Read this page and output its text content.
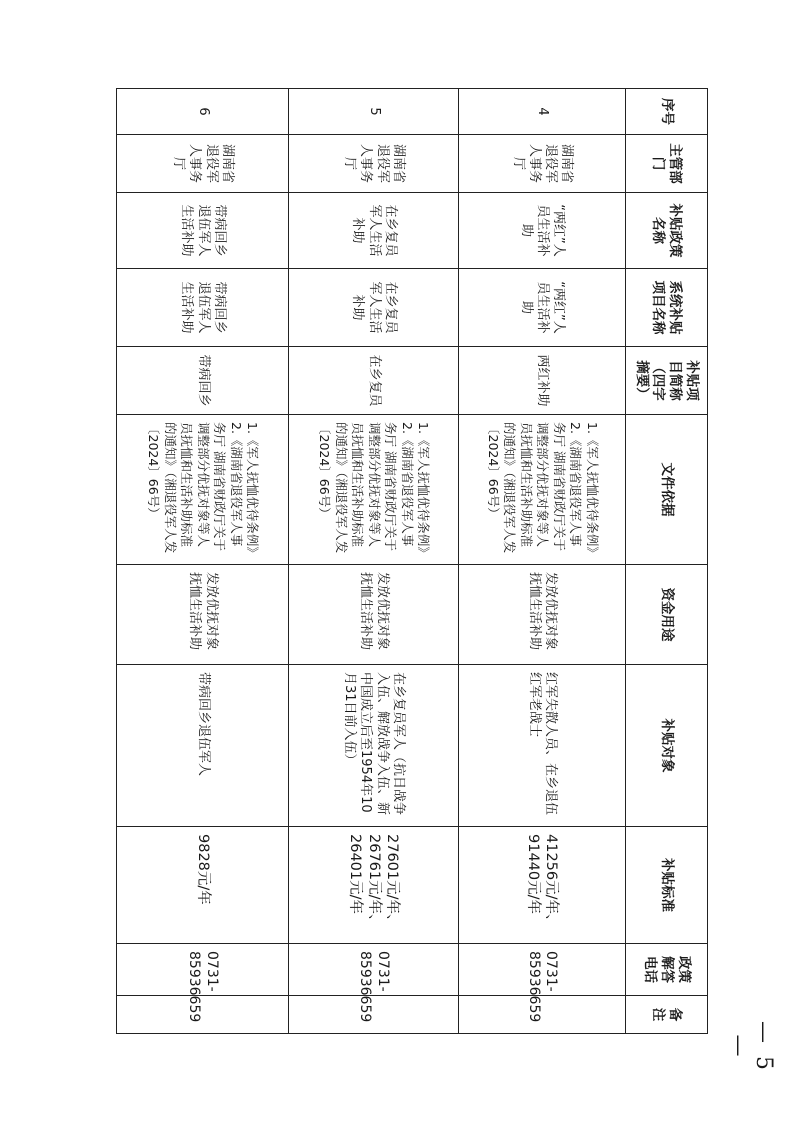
— 5 —
序号	主管部门	补贴政策名称	系统补贴项目名称	补贴项目简称（四字摘要）	文件依据	资金用途	补贴对象	补贴标准	政策解答电话	备注
4	湖南省退役军人事务厅	“两红”人员生活补助	“两红”人员生活补助	两红补助	1.《军人抚恤优待条例》
2.《湖南省退役军人事务厅 湖南省财政厅关于调整部分优抚对象等人员抚恤和生活补助标准的通知》（湘退役军人发〔2024〕66号）	发放优抚对象抚恤生活补助	红军失散人员、在乡退伍红军老战士	41256元/年、91440元/年	0731-85936659	
5	湖南省退役军人事务厅	在乡复员军人生活补助	在乡复员军人生活补助	在乡复员	1.《军人抚恤优待条例》
2.《湖南省退役军人事务厅 湖南省财政厅关于调整部分优抚对象等人员抚恤和生活补助标准的通知》（湘退役军人发〔2024〕66号）	发放优抚对象抚恤生活补助	在乡复员军人（抗日战争入伍、解放战争入伍、新中国成立后至1954年10月31日前入伍）	27601元/年、26761元/年、26401元/年	0731-85936659	
6	湖南省退役军人事务厅	带病回乡退伍军人生活补助	带病回乡退伍军人生活补助	带病回乡	1.《军人抚恤优待条例》
2.《湖南省退役军人事务厅 湖南省财政厅关于调整部分优抚对象等人员抚恤和生活补助标准的通知》（湘退役军人发〔2024〕66号）	发放优抚对象抚恤生活补助	带病回乡退伍军人	9828元/年	0731-85936659	
